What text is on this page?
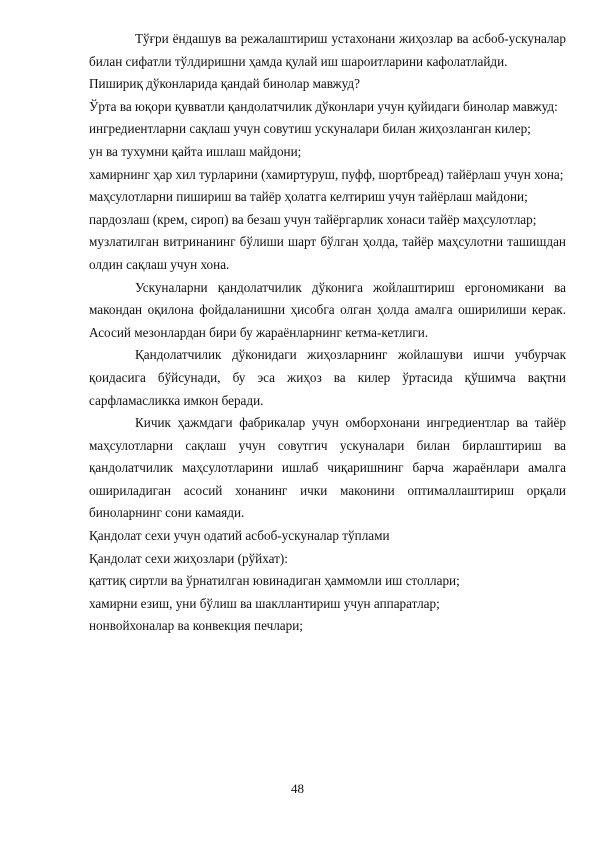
Тўғри ёндашув ва режалаштириш устахонани жиҳозлар ва асбоб-ускуналар билан сифатли тўлдиришни ҳамда қулай иш шароитларини кафолатлайди.

Пишириқ дўконларида қандай бинолар мавжуд?

Ўрта ва юқори қувватли қандолатчилик дўконлари учун қуйидаги бинолар мавжуд:

ингредиентларни сақлаш учун совутиш ускуналари билан жиҳозланган килер;

ун ва тухумни қайта ишлаш майдони;

хамирнинг ҳар хил турларини (хамиртуруш, пуфф, шортбреад) тайёрлаш учун хона;

маҳсулотларни пишириш ва тайёр ҳолатга келтириш учун тайёрлаш майдони;

пардозлаш (крем, сироп) ва безаш учун тайёргарлик хонаси тайёр маҳсулотлар;

музлатилган витринанинг бўлиши шарт бўлган ҳолда, тайёр маҳсулотни ташишдан олдин сақлаш учун хона.

Ускуналарни қандолатчилик дўконига жойлаштириш ергономикани ва макондан оқилона фойдаланишни ҳисобга олган ҳолда амалга оширилиши керак. Асосий мезонлардан бири бу жараёнларнинг кетма-кетлиги.

Қандолатчилик дўконидаги жиҳозларнинг жойлашуви ишчи учбурчак қоидасига бўйсунади, бу эса жиҳоз ва килер ўртасида қўшимча вақтни сарфламасликка имкон беради.

Кичик ҳажмдаги фабрикалар учун омборхонани ингредиентлар ва тайёр маҳсулотларни сақлаш учун совутгич ускуналари билан бирлаштириш ва қандолатчилик маҳсулотларини ишлаб чиқаришнинг барча жараёнлари амалга ошириладиган асосий хонанинг ички маконини оптималлаштириш орқали биноларнинг сони камаяди.

Қандолат сехи учун одатий асбоб-ускуналар тўплами

Қандолат сехи жиҳозлари (рўйхат):

қаттиқ сиртли ва ўрнатилган ювинадиган ҳаммомли иш столлари;

хамирни езиш, уни бўлиш ва шакллантириш учун аппаратлар;

нонвойхоналар ва конвекция печлари;

48
